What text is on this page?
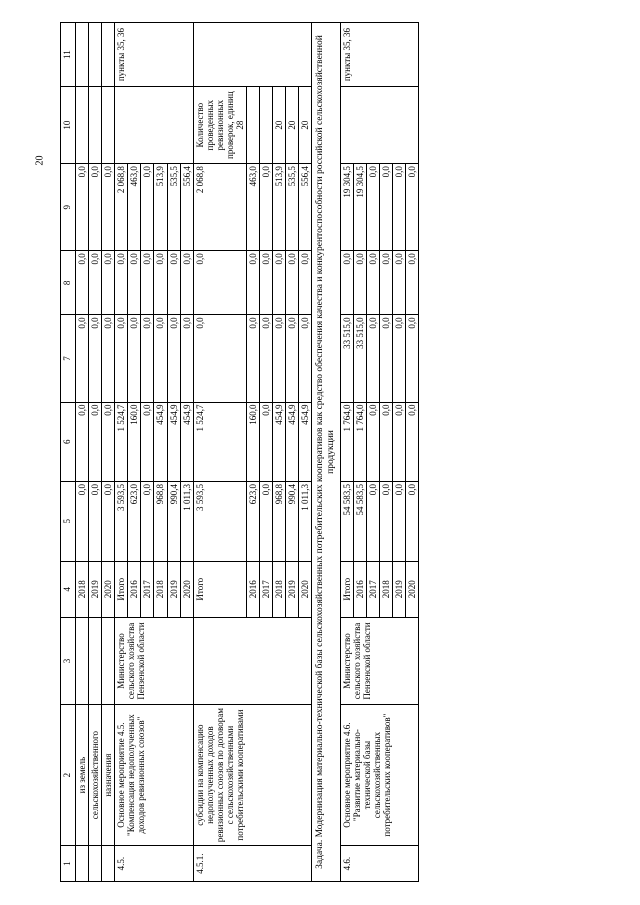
20
1	2	3	4	5	6	7	8	9	10	11
	из земель		2018	0,0	0,0	0,0	0,0	0,0		
	сельскохозяйственного		2019	0,0	0,0	0,0	0,0	0,0		
	назначения		2020	0,0	0,0	0,0	0,0	0,0		
4.5.	Основное мероприятие 4.5. "Компенсация недополученных доходов ревизионных союзов"	Министерство сельского хозяйства Пензенской области	Итого	3 593,5	1 524,7	0,0	0,0	2 068,8		пункты 35, 36
			2016	623,0	160,0	0,0	0,0	463,0		
			2017	0,0	0,0	0,0	0,0	0,0		
			2018	968,8	454,9	0,0	0,0	513,9		
			2019	990,4	454,9	0,0	0,0	535,5		
			2020	1 011,3	454,9	0,0	0,0	556,4		
4.5.1.	субсидии на компенсацию недополученных доходов ревизионных союзов по договорам с сельскохозяйственными потребительскими кооперативами		Итого	3 593,5	1 524,7	0,0	0,0	2 068,8	Количество проведенных ревизионных проверок, единиц 28	

			2016	623,0	160,0	0,0	0,0	463,0		
			2017	0,0	0,0	0,0	0,0	0,0		
			2018	968,8	454,9	0,0	0,0	513,9	20	
			2019	990,4	454,9	0,0	0,0	535,5	20	
			2020	1 011,3	454,9	0,0	0,0	556,4	20	
Задача. Модернизация материально-технической базы сельскохозяйственных потребительских кооперативов как средство обеспечения качества и конкурентоспособности российской сельскохозяйственной продукции										
4.6.	Основное мероприятие 4.6. "Развитие материально-технической базы сельскохозяйственных потребительских кооперативов"	Министерство сельского хозяйства Пензенской области	Итого	54 583,5	1 764,0	33 515,0	0,0	19 304,5		пункты 35, 36
			2016	54 583,5	1 764,0	33 515,0	0,0	19 304,5		
			2017	0,0	0,0	0,0	0,0	0,0		
			2018	0,0	0,0	0,0	0,0	0,0		
			2019	0,0	0,0	0,0	0,0	0,0		
			2020	0,0	0,0	0,0	0,0	0,0		
